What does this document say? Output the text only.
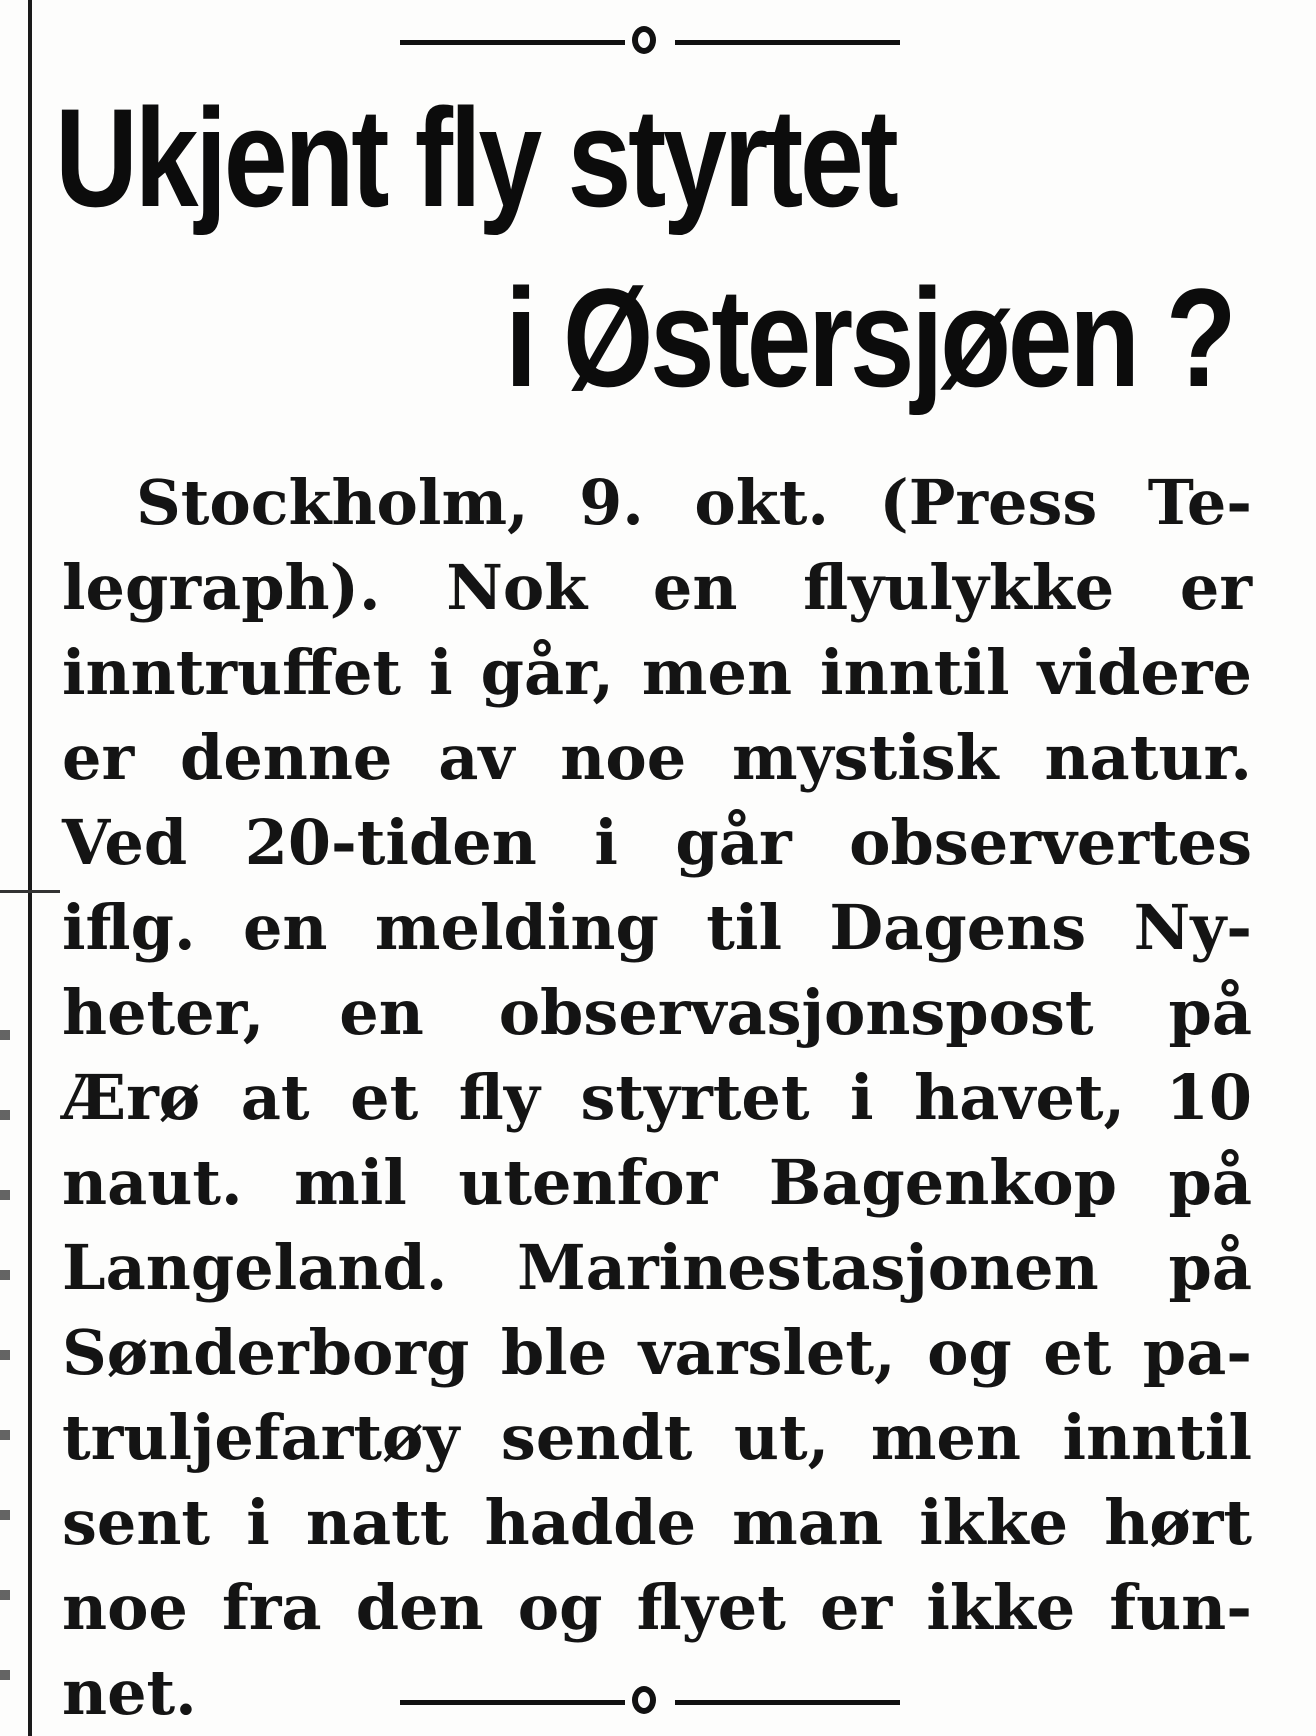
Ukjent fly styrtet
i Østersjøen ?
Stockholm, 9. okt. (Press Te-
legraph). Nok en flyulykke er
inntruffet i går, men inntil videre
er denne av noe mystisk natur.
Ved 20-tiden i går observertes
iflg. en melding til Dagens Ny-
heter, en observasjonspost på
Ærø at et fly styrtet i havet, 10
naut. mil utenfor Bagenkop på
Langeland. Marinestasjonen på
Sønderborg ble varslet, og et pa-
truljefartøy sendt ut, men inntil
sent i natt hadde man ikke hørt
noe fra den og flyet er ikke fun-
net.
